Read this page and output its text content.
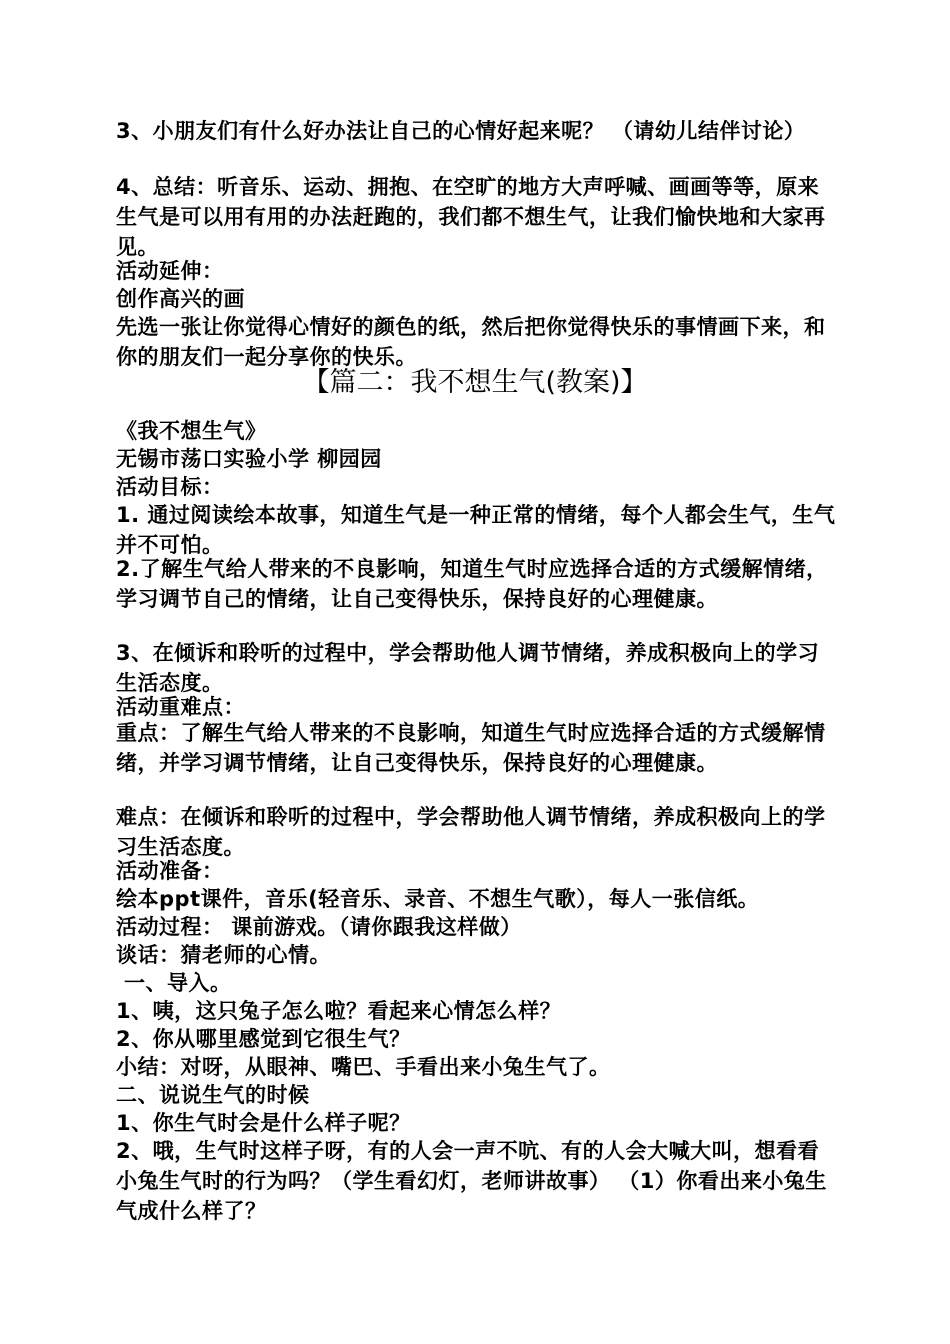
3、小朋友们有什么好办法让自己的心情好起来呢？ （请幼儿结伴讨论）
4、总结：听音乐、运动、拥抱、在空旷的地方大声呼喊、画画等等，原来生气是可以用有用的办法赶跑的，我们都不想生气，让我们愉快地和大家再见。
活动延伸：
创作高兴的画
先选一张让你觉得心情好的颜色的纸，然后把你觉得快乐的事情画下来，和你的朋友们一起分享你的快乐。
【篇二：我不想生气(教案)】
《我不想生气》
无锡市荡口实验小学 柳园园
活动目标：
1. 通过阅读绘本故事，知道生气是一种正常的情绪，每个人都会生气，生气并不可怕。
2.了解生气给人带来的不良影响，知道生气时应选择合适的方式缓解情绪，学习调节自己的情绪，让自己变得快乐，保持良好的心理健康。
3、在倾诉和聆听的过程中，学会帮助他人调节情绪，养成积极向上的学习生活态度。
活动重难点：
重点：了解生气给人带来的不良影响，知道生气时应选择合适的方式缓解情绪，并学习调节情绪，让自己变得快乐，保持良好的心理健康。
难点：在倾诉和聆听的过程中，学会帮助他人调节情绪，养成积极向上的学习生活态度。
活动准备：
绘本ppt课件，音乐(轻音乐、录音、不想生气歌），每人一张信纸。
活动过程： 课前游戏。（请你跟我这样做）
谈话：猜老师的心情。
一、导入。
1、咦，这只兔子怎么啦？看起来心情怎么样？
2、你从哪里感觉到它很生气？
小结：对呀，从眼神、嘴巴、手看出来小兔生气了。
二、说说生气的时候
1、你生气时会是什么样子呢？
2、哦，生气时这样子呀，有的人会一声不吭、有的人会大喊大叫，想看看小兔生气时的行为吗？（学生看幻灯，老师讲故事） （1）你看出来小兔生气成什么样了？
